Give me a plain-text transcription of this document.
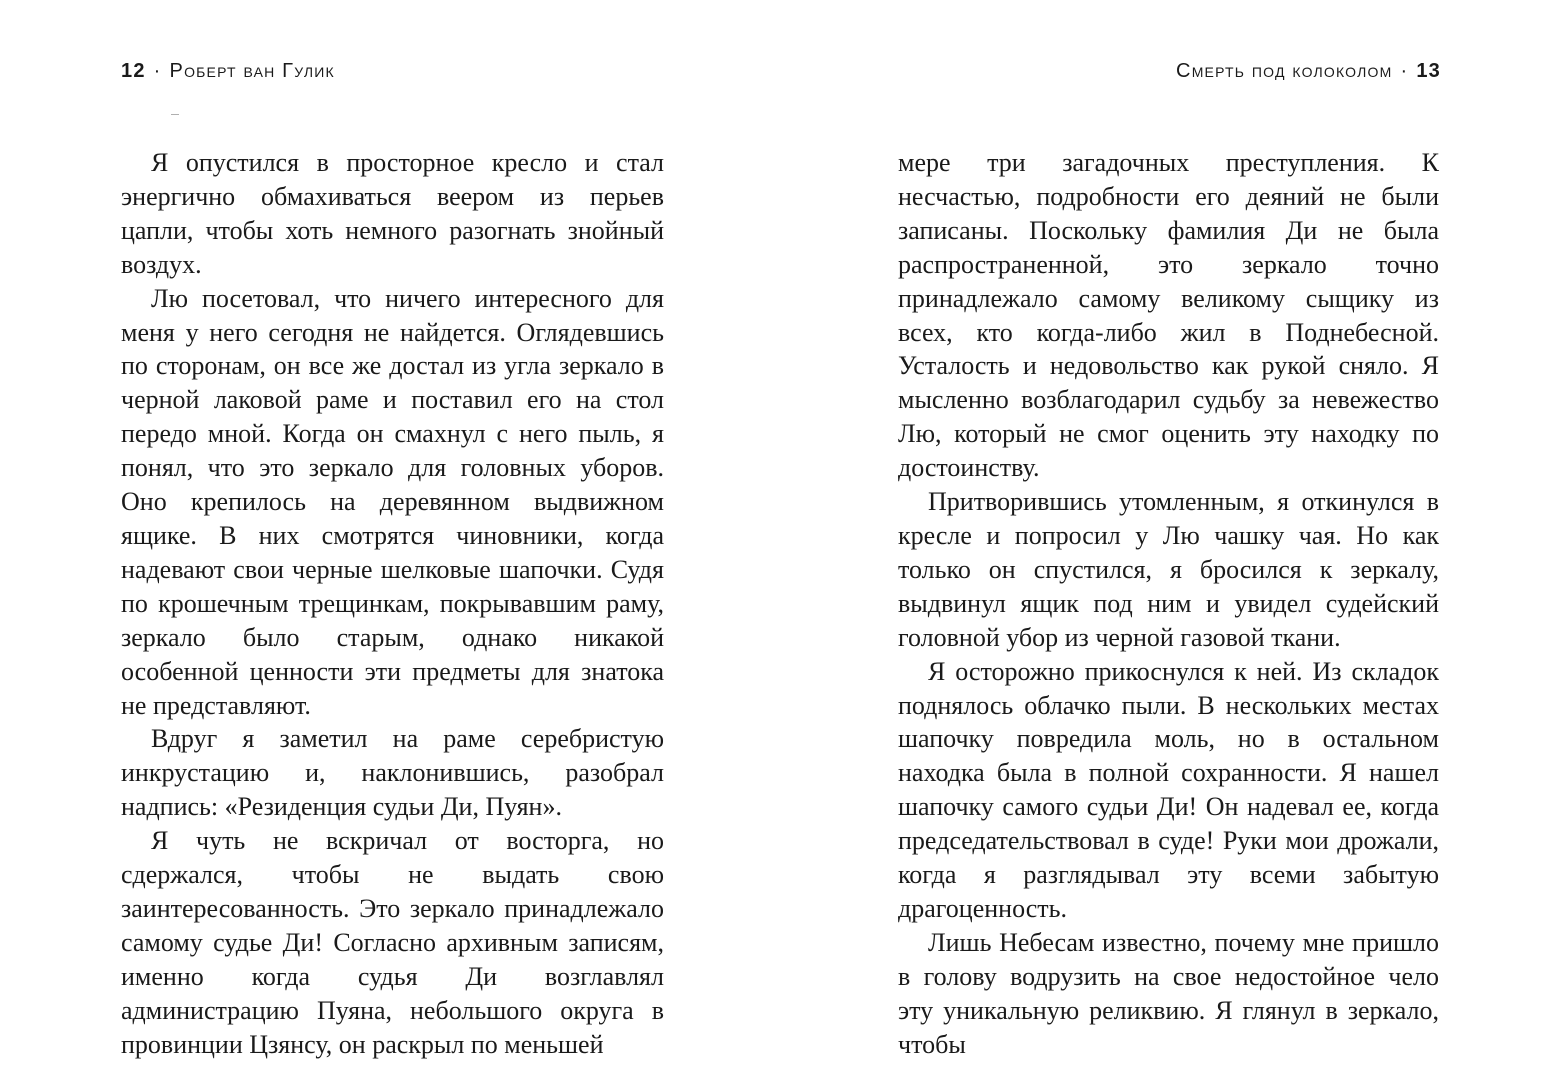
12 · Роберт ван Гулик

Я опустился в просторное кресло и стал энергично обмахиваться веером из перьев цапли, чтобы хоть немного разогнать знойный воздух.

Лю посетовал, что ничего интересного для меня у него сегодня не найдется. Оглядевшись по сторонам, он все же достал из угла зеркало в черной лаковой раме и поставил его на стол передо мной. Когда он смахнул с него пыль, я понял, что это зеркало для головных уборов. Оно крепилось на деревянном выдвижном ящике. В них смотрятся чиновники, когда надевают свои черные шелковые шапочки. Судя по крошечным трещинкам, покрывавшим раму, зеркало было старым, однако никакой особенной ценности эти предметы для знатока не представляют.

Вдруг я заметил на раме серебристую инкрустацию и, наклонившись, разобрал надпись: «Резиденция судьи Ди, Пуян».

Я чуть не вскричал от восторга, но сдержался, чтобы не выдать свою заинтересованность. Это зеркало принадлежало самому судье Ди! Согласно архивным записям, именно когда судья Ди возглавлял администрацию Пуяна, небольшого округа в провинции Цзянсу, он раскрыл по меньшей

Смерть под колоколом · 13

мере три загадочных преступления. К несчастью, подробности его деяний не были записаны. Поскольку фамилия Ди не была распространенной, это зеркало точно принадлежало самому великому сыщику из всех, кто когда-либо жил в Поднебесной. Усталость и недовольство как рукой сняло. Я мысленно возблагодарил судьбу за невежество Лю, который не смог оценить эту находку по достоинству.

Притворившись утомленным, я откинулся в кресле и попросил у Лю чашку чая. Но как только он спустился, я бросился к зеркалу, выдвинул ящик под ним и увидел судейский головной убор из черной газовой ткани.

Я осторожно прикоснулся к ней. Из складок поднялось облачко пыли. В нескольких местах шапочку повредила моль, но в остальном находка была в полной сохранности. Я нашел шапочку самого судьи Ди! Он надевал ее, когда председательствовал в суде! Руки мои дрожали, когда я разглядывал эту всеми забытую драгоценность.

Лишь Небесам известно, почему мне пришло в голову водрузить на свое недостойное чело эту уникальную реликвию. Я глянул в зеркало, чтобы
